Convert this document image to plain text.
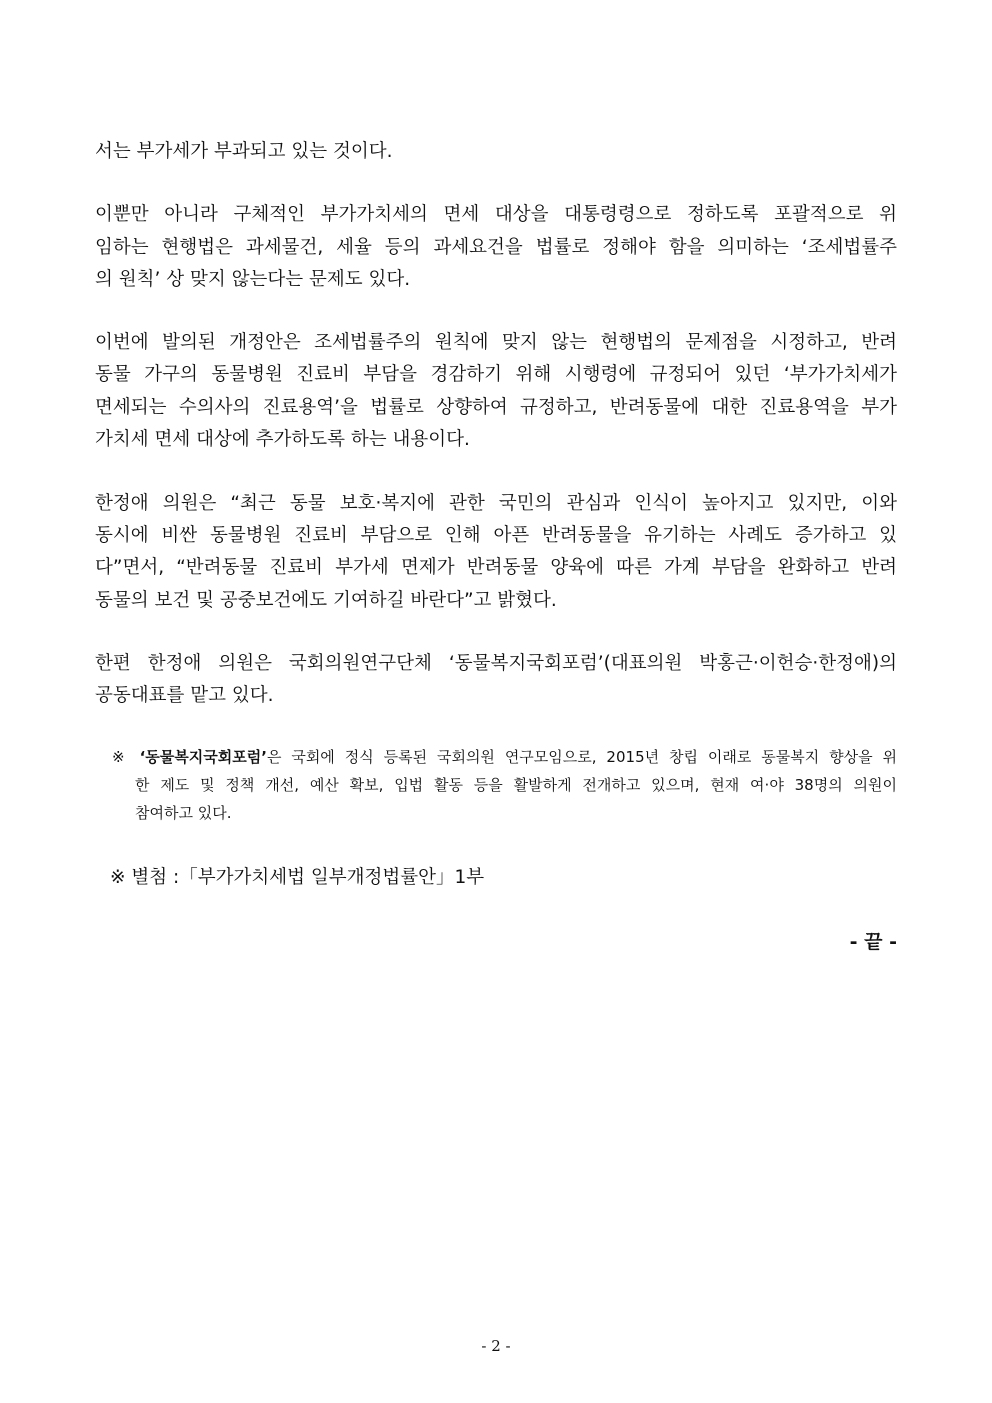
서는 부가세가 부과되고 있는 것이다.
이뿐만 아니라 구체적인 부가가치세의 면세 대상을 대통령령으로 정하도록 포괄적으로 위
임하는 현행법은 과세물건, 세율 등의 과세요건을 법률로 정해야 함을 의미하는 ‘조세법률주
의 원칙’ 상 맞지 않는다는 문제도 있다.
이번에 발의된 개정안은 조세법률주의 원칙에 맞지 않는 현행법의 문제점을 시정하고, 반려
동물 가구의 동물병원 진료비 부담을 경감하기 위해 시행령에 규정되어 있던 ‘부가가치세가
면세되는 수의사의 진료용역’을 법률로 상향하여 규정하고, 반려동물에 대한 진료용역을 부가
가치세 면세 대상에 추가하도록 하는 내용이다.
한정애 의원은 “최근 동물 보호·복지에 관한 국민의 관심과 인식이 높아지고 있지만, 이와
동시에 비싼 동물병원 진료비 부담으로 인해 아픈 반려동물을 유기하는 사례도 증가하고 있
다”면서, “반려동물 진료비 부가세 면제가 반려동물 양육에 따른 가계 부담을 완화하고 반려
동물의 보건 및 공중보건에도 기여하길 바란다”고 밝혔다.
한편 한정애 의원은 국회의원연구단체 ‘동물복지국회포럼’(대표의원 박홍근·이헌승·한정애)의
공동대표를 맡고 있다.
※ ‘동물복지국회포럼’은 국회에 정식 등록된 국회의원 연구모임으로, 2015년 창립 이래로 동물복지 향상을 위
한 제도 및 정책 개선, 예산 확보, 입법 활동 등을 활발하게 전개하고 있으며, 현재 여·야 38명의 의원이
참여하고 있다.
※ 별첨 :「부가가치세법 일부개정법률안」1부
- 끝 -
- 2 -
